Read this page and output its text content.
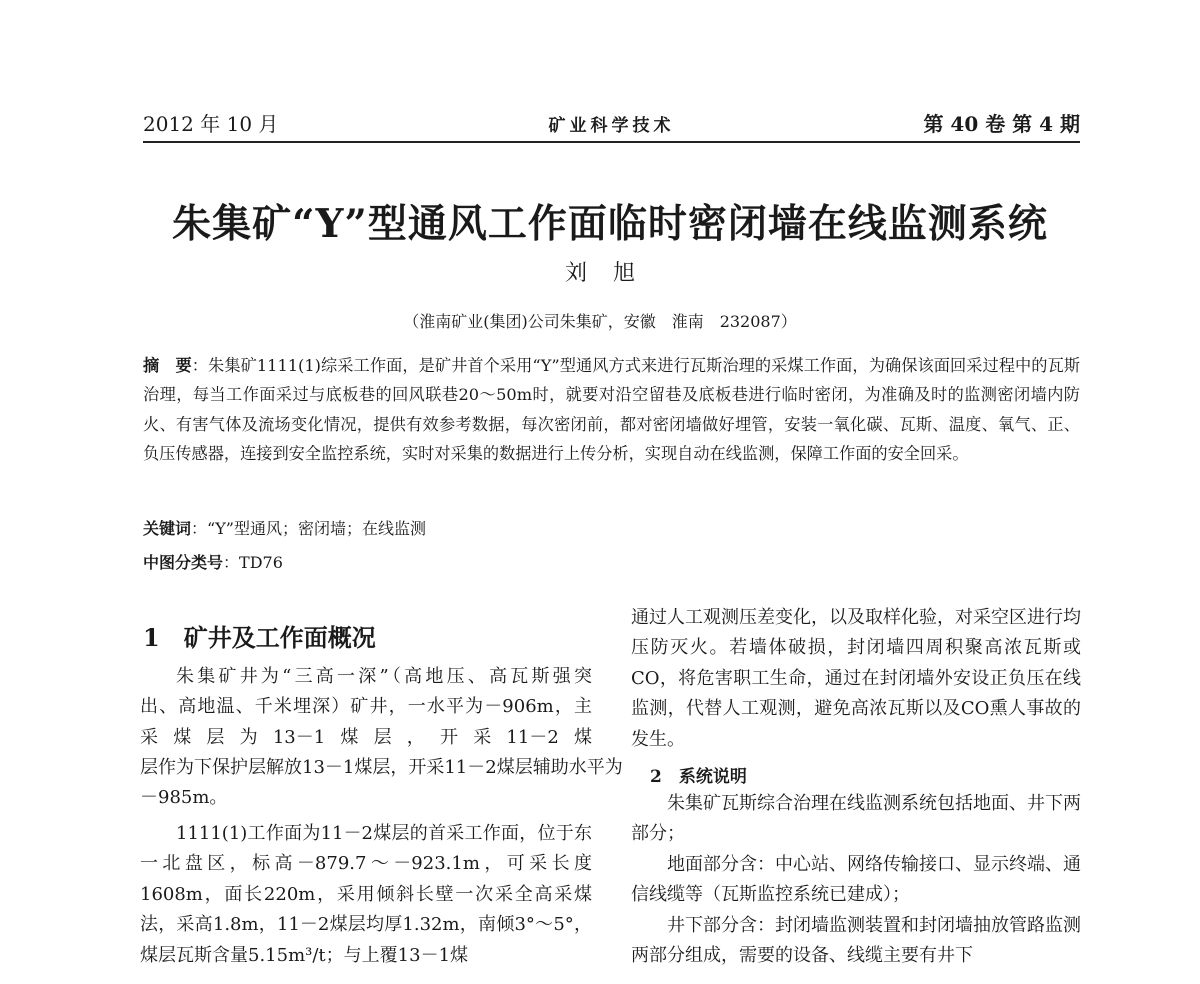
2012 年 10 月	矿业科学技术	第 40 卷 第 4 期
朱集矿“Y”型通风工作面临时密闭墙在线监测系统
刘旭
（淮南矿业(集团)公司朱集矿，安徽　淮南　232087）
摘　要：朱集矿1111(1)综采工作面，是矿井首个采用“Y”型通风方式来进行瓦斯治理的采煤工作面，为确保该面回采过程中的瓦斯治理，每当工作面采过与底板巷的回风联巷20～50m时，就要对沿空留巷及底板巷进行临时密闭，为准确及时的监测密闭墙内防火、有害气体及流场变化情况，提供有效参考数据，每次密闭前，都对密闭墙做好埋管，安装一氧化碳、瓦斯、温度、氧气、正、负压传感器，连接到安全监控系统，实时对采集的数据进行上传分析，实现自动在线监测，保障工作面的安全回采。
关键词：“Y”型通风；密闭墙；在线监测
中图分类号：TD76
1　矿井及工作面概况
朱集矿井为“三高一深”（高地压、高瓦斯强突
出、高地温、千米埋深）矿井，一水平为－906m，主
采煤层为13－1煤层，开采11－2煤
层作为下保护层解放13－1煤层，开采11－2煤层辅助水平为
－985m。

1111(1)工作面为11－2煤层的首采工作面，位于东一北盘区，标高－879.7～－923.1m，可采长度1608m，面长220m，采用倾斜长壁一次采全高采煤法，采高1.8m，11－2煤层均厚1.32m，南倾3°～5°，煤层瓦斯含量5.15m³/t；与上覆13－1煤

通过人工观测压差变化，以及取样化验，对采空区进行均压防灭火。若墙体破损，封闭墙四周积聚高浓瓦斯或CO，将危害职工生命，通过在封闭墙外安设正负压在线监测，代替人工观测，避免高浓瓦斯以及CO熏人事故的发生。

2　系统说明

朱集矿瓦斯综合治理在线监测系统包括地面、井下两部分；

地面部分含：中心站、网络传输接口、显示终端、通信线缆等（瓦斯监控系统已建成）；

井下部分含：封闭墙监测装置和封闭墙抽放管路监测两部分组成，需要的设备、线缆主要有井下
